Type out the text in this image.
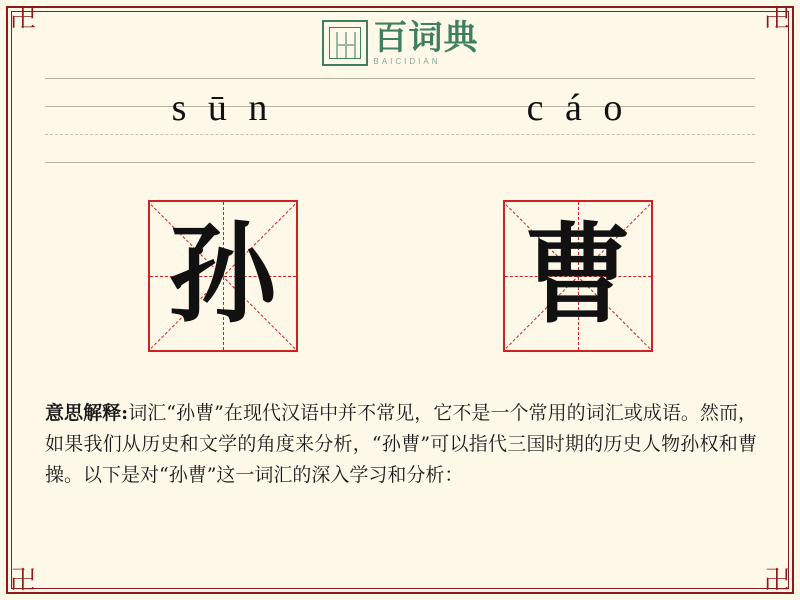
卍	卍
卍	卍
百词典
BAICIDIAN
s ū n	c á o
孙 曹
意思解释:词汇“孙曹”在现代汉语中并不常见，它不是一个常用的词汇或成语。然而，如果我们从历史和文学的角度来分析，“孙曹”可以指代三国时期的历史人物孙权和曹操。以下是对“孙曹”这一词汇的深入学习和分析：
